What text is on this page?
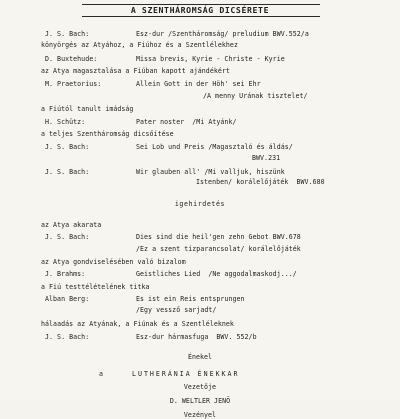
A SZENTHÁROMSÁG DICSÉRETE
J. S. Bach:	Esz-dur /Szentháromság/ preludium BWV.552/a
könyörgés az Atyához, a Fiúhoz és a Szentlélekhez
D. Buxtehude:	Missa brevis, Kyrie - Christe - Kyrie
az Atya magasztalása a Fiúban kapott ajándékért
M. Praetorius:	Allein Gott in der Höh' sei Ehr
/A menny Urának tisztelet/
a Fiútól tanult imádság
H. Schütz:	Pater noster  /Mi Atyánk/
a teljes Szentháromság dicsőítése
J. S. Bach:	Sei Lob und Preis /Magasztaló és áldás/
BWV.231
J. S. Bach:	Wir glauben all' /Mi valljuk, hiszünk
Istenben/ korálelőjáték  BWV.680
igehirdetés
az Atya akarata
J. S. Bach:	Dies sind die heil'gen zehn Gebot BWV.678
/Ez a szent tízparancsolat/ korálelőjáték
az Atya gondviselésében való bizalom
J. Brahms:	Geistliches Lied  /Ne aggodalmaskodj.../
a Fiú testtélételének titka
Alban Berg:	Es ist ein Reis entsprungen
/Egy vessző sarjadt/
hálaadás az Atyának, a Fiúnak és a Szentléleknek
J. S. Bach:	Esz-dur hármasfuga  BWV. 552/b
Énekel
a	LUTHERÁNIA ÉNEKKAR
Vezetője
D. WELTLER JENŐ
Vezényel
